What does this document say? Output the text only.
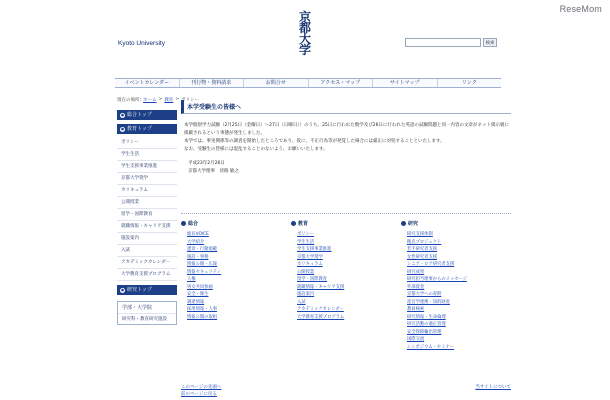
ReseMom
京都大学
Kyoto University	検索
イベントカレンダー	刊行物・資料請求	お問合せ	アクセス・マップ	サイトマップ	リンク
現在の場所: ホーム > 教育 > ポリシー
● 総合トップ
● 教育トップ
ポリシー
学生生活
学生支援事業推進
京都大学奨学
カリキュラム
公開授業
留学・国際教育
就職情報・キャリア支援
施設案内
入試
アカデミックカレンダー
大学教育支援プログラム
● 研究トップ
学部・大学院
研究科・教育研究施設
本学受験生の皆様へ

本学個別学力試験（2月25日（金曜日）～27日（日曜日））のうち、25日に行われた数学及び26日に行われた英語の試験問題と同一内容の文章がネット掲示板に掲載されるという事態が発生しました。

本学では、事実関係等の調査を開始したところであり、仮に、不正行為等が発覚した場合には厳正に対処することといたします。

なお、受験生の皆様には混乱することのないよう、お願いいたします。

平成23年2月26日
京都大学理事　淡路 敏之
総合
総長VOICE
大学紹介
憲章・行動規範
施設・事務
情報公開・広報
情報セキュリティ
人権
男女共同参画
安全・衛生
調達情報
採用情報・人事
情報公開の取組
教育
ポリシー
学生生活
学生支援事業推進
京都大学奨学
カリキュラム
公開授業
留学・国際教育
就職情報・キャリア支援
施設案内
入試
アカデミックカレンダー
大学教育支援プログラム
研究
研究支援体制
拠点プロジェクト
若手研究者支援
女性研究者支援
シニア・ロア研究者支援
研究成果
研究担当理事からのメッセージ
外部資金
京都大学への寄附
産官学連携・知的財産
教員検索
研究情報・生命倫理
研究活動の適正管理
安全保障輸出管理
国際交流
シンポジウム・セミナー
このページの先頭へ
前のページに戻る
当サイトについて
